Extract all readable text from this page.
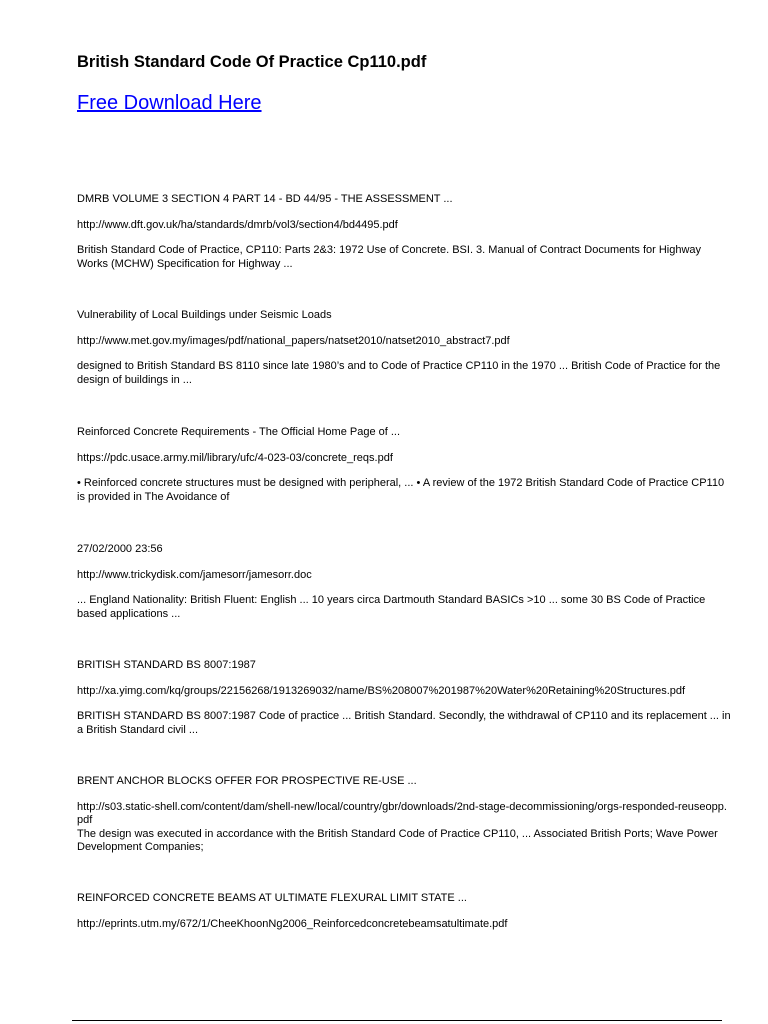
British Standard Code Of Practice Cp110.pdf
Free Download Here

DMRB VOLUME 3 SECTION 4 PART 14 - BD 44/95 - THE ASSESSMENT ...

http://www.dft.gov.uk/ha/standards/dmrb/vol3/section4/bd4495.pdf

British Standard Code of Practice, CP110: Parts 2&3: 1972 Use of Concrete. BSI. 3. Manual of Contract Documents for Highway Works (MCHW) Specification for Highway ...

Vulnerability of Local Buildings under Seismic Loads

http://www.met.gov.my/images/pdf/national_papers/natset2010/natset2010_abstract7.pdf

designed to British Standard BS 8110 since late 1980’s and to Code of Practice CP110 in the 1970 ... British Code of Practice for the design of buildings in ...

Reinforced Concrete Requirements - The Official Home Page of ...

https://pdc.usace.army.mil/library/ufc/4-023-03/concrete_reqs.pdf

• Reinforced concrete structures must be designed with peripheral, ... • A review of the 1972 British Standard Code of Practice CP110 is provided in The Avoidance of

27/02/2000 23:56

http://www.trickydisk.com/jamesorr/jamesorr.doc

... England Nationality: British Fluent: English ... 10 years circa Dartmouth Standard BASICs >10 ... some 30 BS Code of Practice based applications ...

BRITISH STANDARD BS 8007:1987

http://xa.yimg.com/kq/groups/22156268/1913269032/name/BS%208007%201987%20Water%20Retaining%20Structures.pdf

BRITISH STANDARD BS 8007:1987 Code of practice ... British Standard. Secondly, the withdrawal of CP110 and its replacement ... in a British Standard civil ...

BRENT ANCHOR BLOCKS OFFER FOR PROSPECTIVE RE-USE ...

http://s03.static-shell.com/content/dam/shell-new/local/country/gbr/downloads/2nd-stage-decommissioning/orgs-responded-reuseopp.pdf

The design was executed in accordance with the British Standard Code of Practice CP110, ... Associated British Ports; Wave Power Development Companies;

REINFORCED CONCRETE BEAMS AT ULTIMATE FLEXURAL LIMIT STATE ...

http://eprints.utm.my/672/1/CheeKhoonNg2006_Reinforcedconcretebeamsatultimate.pdf
